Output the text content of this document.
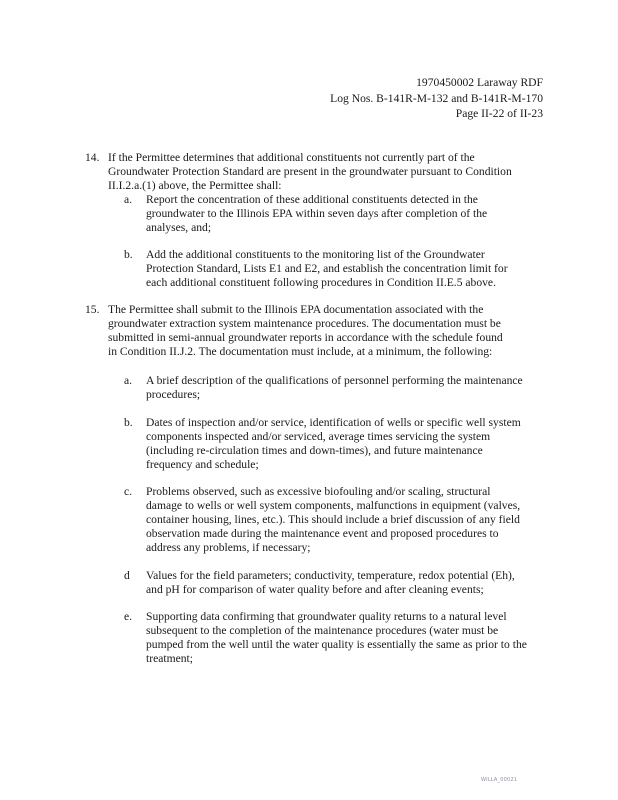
1970450002 Laraway RDF
Log Nos. B-141R-M-132 and B-141R-M-170
Page II-22 of II-23
14. If the Permittee determines that additional constituents not currently part of the
Groundwater Protection Standard are present in the groundwater pursuant to Condition
II.I.2.a.(1) above, the Permittee shall:
a. Report the concentration of these additional constituents detected in the
groundwater to the Illinois EPA within seven days after completion of the
analyses, and;
b. Add the additional constituents to the monitoring list of the Groundwater
Protection Standard, Lists E1 and E2, and establish the concentration limit for
each additional constituent following procedures in Condition II.E.5 above.
15. The Permittee shall submit to the Illinois EPA documentation associated with the
groundwater extraction system maintenance procedures. The documentation must be
submitted in semi-annual groundwater reports in accordance with the schedule found
in Condition II.J.2. The documentation must include, at a minimum, the following:
a. A brief description of the qualifications of personnel performing the maintenance
procedures;
b. Dates of inspection and/or service, identification of wells or specific well system
components inspected and/or serviced, average times servicing the system
(including re-circulation times and down-times), and future maintenance
frequency and schedule;
c. Problems observed, such as excessive biofouling and/or scaling, structural
damage to wells or well system components, malfunctions in equipment (valves,
container housing, lines, etc.). This should include a brief discussion of any field
observation made during the maintenance event and proposed procedures to
address any problems, if necessary;
d Values for the field parameters; conductivity, temperature, redox potential (Eh),
and pH for comparison of water quality before and after cleaning events;
e. Supporting data confirming that groundwater quality returns to a natural level
subsequent to the completion of the maintenance procedures (water must be
pumped from the well until the water quality is essentially the same as prior to the
treatment;
WILLA_00021
